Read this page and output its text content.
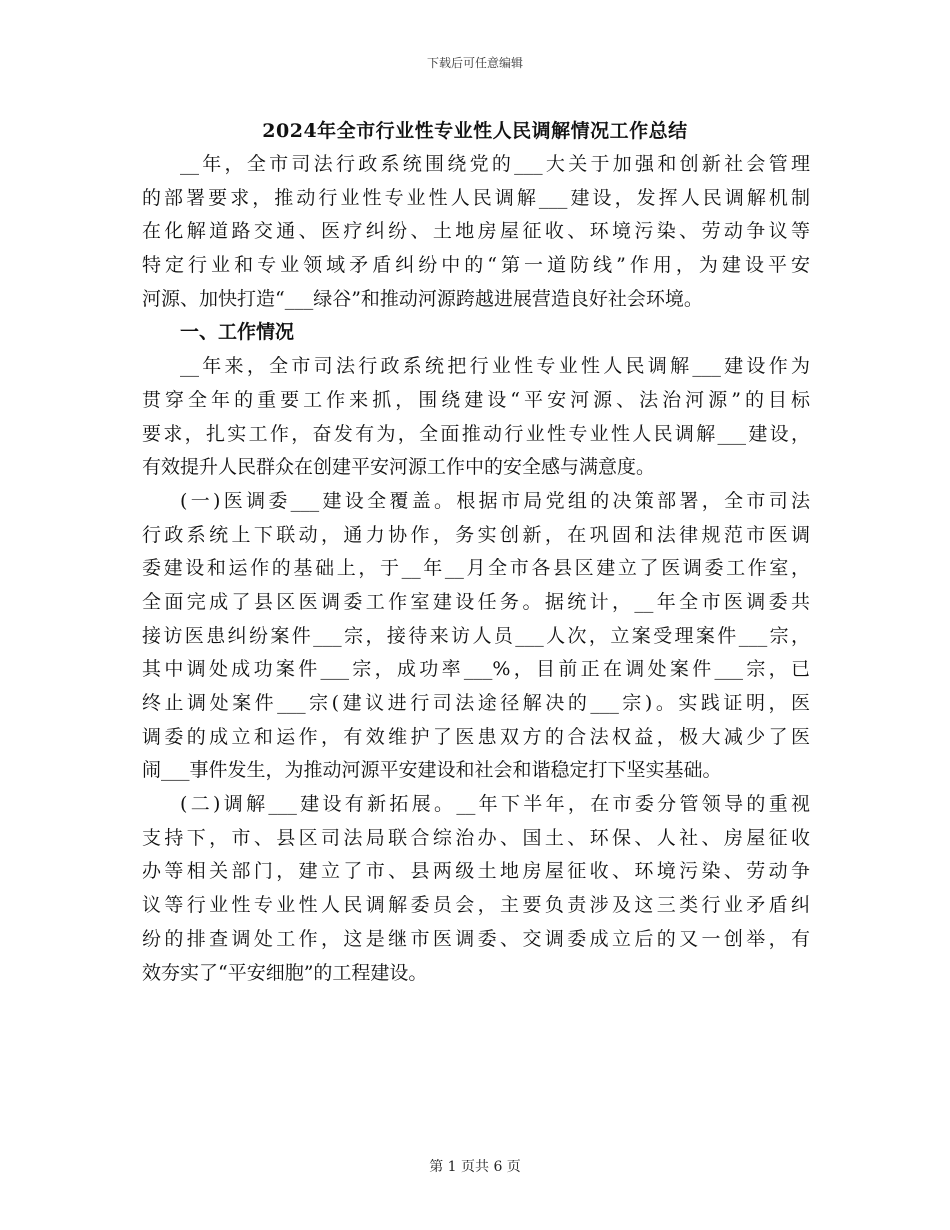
下载后可任意编辑
2024年全市行业性专业性人民调解情况工作总结
__年，全市司法行政系统围绕党的___大关于加强和创新社会管理
的部署要求，推动行业性专业性人民调解___建设，发挥人民调解机制
在化解道路交通、医疗纠纷、土地房屋征收、环境污染、劳动争议等
特定行业和专业领域矛盾纠纷中的“第一道防线”作用，为建设平安
河源、加快打造“___绿谷”和推动河源跨越进展营造良好社会环境。
一、工作情况
__年来，全市司法行政系统把行业性专业性人民调解___建设作为
贯穿全年的重要工作来抓，围绕建设“平安河源、法治河源”的目标
要求，扎实工作，奋发有为，全面推动行业性专业性人民调解___建设，
有效提升人民群众在创建平安河源工作中的安全感与满意度。
(一)医调委___建设全覆盖。根据市局党组的决策部署，全市司法
行政系统上下联动，通力协作，务实创新，在巩固和法律规范市医调
委建设和运作的基础上，于__年__月全市各县区建立了医调委工作室，
全面完成了县区医调委工作室建设任务。据统计，__年全市医调委共
接访医患纠纷案件___宗，接待来访人员___人次，立案受理案件___宗，
其中调处成功案件___宗，成功率___%，目前正在调处案件___宗，已
终止调处案件___宗(建议进行司法途径解决的___宗)。实践证明，医
调委的成立和运作，有效维护了医患双方的合法权益，极大减少了医
闹___事件发生，为推动河源平安建设和社会和谐稳定打下坚实基础。
(二)调解___建设有新拓展。__年下半年，在市委分管领导的重视
支持下，市、县区司法局联合综治办、国土、环保、人社、房屋征收
办等相关部门，建立了市、县两级土地房屋征收、环境污染、劳动争
议等行业性专业性人民调解委员会，主要负责涉及这三类行业矛盾纠
纷的排查调处工作，这是继市医调委、交调委成立后的又一创举，有
效夯实了“平安细胞”的工程建设。
第 1 页共 6 页
